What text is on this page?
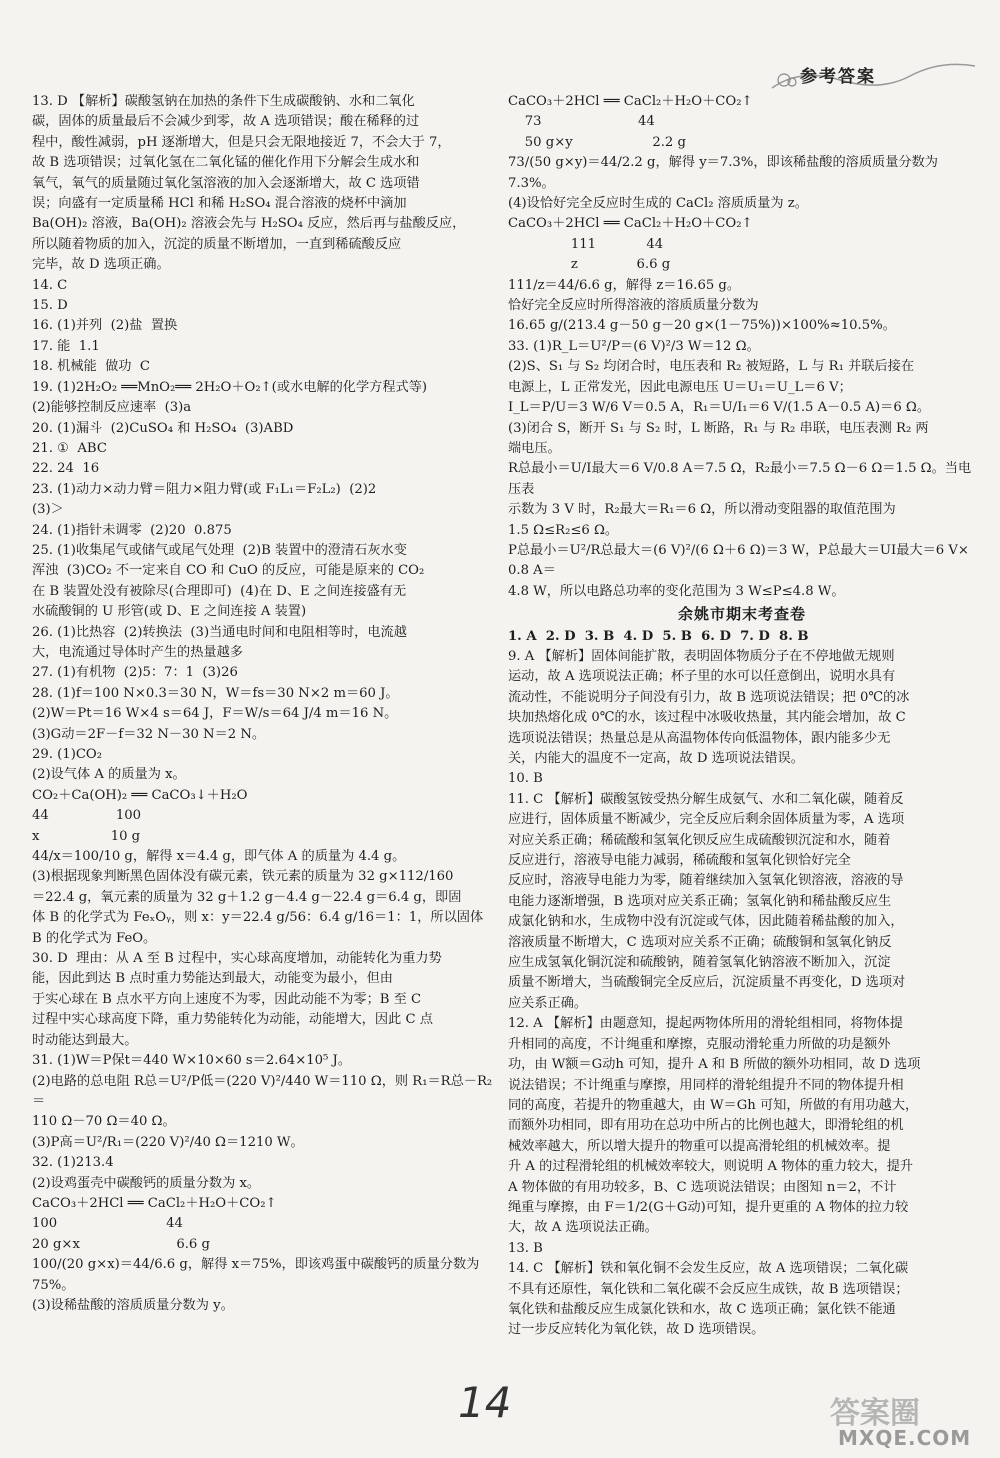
参考答案

13. D 【解析】碳酸氢钠在加热的条件下生成碳酸钠、水和二氧化

碳，固体的质量最后不会减少到零，故 A 选项错误；酸在稀释的过

程中，酸性减弱，pH 逐渐增大，但是只会无限地接近 7，不会大于 7，

故 B 选项错误；过氧化氢在二氧化锰的催化作用下分解会生成水和

氧气，氧气的质量随过氧化氢溶液的加入会逐渐增大，故 C 选项错

误；向盛有一定质量稀 HCl 和稀 H₂SO₄ 混合溶液的烧杯中滴加

Ba(OH)₂ 溶液，Ba(OH)₂ 溶液会先与 H₂SO₄ 反应，然后再与盐酸反应，

所以随着物质的加入，沉淀的质量不断增加，一直到稀硫酸反应

完毕，故 D 选项正确。

14. C

15. D

16. (1)并列  (2)盐  置换

17. 能  1.1

18. 机械能  做功  C

19. (1)2H₂O₂ ══MnO₂══ 2H₂O＋O₂↑(或水电解的化学方程式等)

(2)能够控制反应速率  (3)a

20. (1)漏斗  (2)CuSO₄ 和 H₂SO₄  (3)ABD

21. ①  ABC

22. 24  16

23. (1)动力×动力臂＝阻力×阻力臂(或 F₁L₁＝F₂L₂)  (2)2

(3)＞

24. (1)指针未调零  (2)20  0.875

25. (1)收集尾气或储气或尾气处理  (2)B 装置中的澄清石灰水变

浑浊  (3)CO₂ 不一定来自 CO 和 CuO 的反应，可能是原来的 CO₂

在 B 装置处没有被除尽(合理即可)  (4)在 D、E 之间连接盛有无

水硫酸铜的 U 形管(或 D、E 之间连接 A 装置)

26. (1)比热容  (2)转换法  (3)当通电时间和电阻相等时，电流越

大，电流通过导体时产生的热量越多

27. (1)有机物  (2)5：7：1  (3)26

28. (1)f＝100 N×0.3＝30 N，W＝fs＝30 N×2 m＝60 J。

(2)W＝Pt＝16 W×4 s＝64 J，F＝W/s＝64 J/4 m＝16 N。

(3)G动＝2F－f＝32 N－30 N＝2 N。

29. (1)CO₂

(2)设气体 A 的质量为 x。

CO₂＋Ca(OH)₂ ══ CaCO₃↓＋H₂O

44                100

x                 10 g

44/x＝100/10 g，解得 x＝4.4 g，即气体 A 的质量为 4.4 g。

(3)根据现象判断黑色固体没有碳元素，铁元素的质量为 32 g×112/160

＝22.4 g，氧元素的质量为 32 g＋1.2 g－4.4 g－22.4 g＝6.4 g，即固

体 B 的化学式为 FeₓOᵧ，则 x：y＝22.4 g/56：6.4 g/16＝1：1，所以固体

B 的化学式为 FeO。

30. D  理由：从 A 至 B 过程中，实心球高度增加，动能转化为重力势

能，因此到达 B 点时重力势能达到最大，动能变为最小，但由

于实心球在 B 点水平方向上速度不为零，因此动能不为零；B 至 C

过程中实心球高度下降，重力势能转化为动能，动能增大，因此 C 点

时动能达到最大。

31. (1)W＝P保t＝440 W×10×60 s＝2.64×10⁵ J。

(2)电路的总电阻 R总＝U²/P低＝(220 V)²/440 W＝110 Ω，则 R₁＝R总－R₂＝

110 Ω－70 Ω＝40 Ω。

(3)P高＝U²/R₁＝(220 V)²/40 Ω＝1210 W。

32. (1)213.4

(2)设鸡蛋壳中碳酸钙的质量分数为 x。

CaCO₃＋2HCl ══ CaCl₂＋H₂O＋CO₂↑

100                          44

20 g×x                       6.6 g

100/(20 g×x)＝44/6.6 g，解得 x＝75%，即该鸡蛋中碳酸钙的质量分数为

75%。

(3)设稀盐酸的溶质质量分数为 y。

CaCO₃＋2HCl ══ CaCl₂＋H₂O＋CO₂↑

73                       44

50 g×y                   2.2 g

73/(50 g×y)＝44/2.2 g，解得 y＝7.3%，即该稀盐酸的溶质质量分数为

7.3%。

(4)设恰好完全反应时生成的 CaCl₂ 溶质质量为 z。

CaCO₃＋2HCl ══ CaCl₂＋H₂O＋CO₂↑

111            44

z              6.6 g

111/z＝44/6.6 g，解得 z＝16.65 g。

恰好完全反应时所得溶液的溶质质量分数为

16.65 g/(213.4 g－50 g－20 g×(1－75%))×100%≈10.5%。

33. (1)R_L＝U²/P＝(6 V)²/3 W＝12 Ω。

(2)S、S₁ 与 S₂ 均闭合时，电压表和 R₂ 被短路，L 与 R₁ 并联后接在

电源上，L 正常发光，因此电源电压 U＝U₁＝U_L＝6 V；

I_L＝P/U＝3 W/6 V＝0.5 A，R₁＝U/I₁＝6 V/(1.5 A－0.5 A)＝6 Ω。

(3)闭合 S，断开 S₁ 与 S₂ 时，L 断路，R₁ 与 R₂ 串联，电压表测 R₂ 两

端电压。

R总最小＝U/I最大＝6 V/0.8 A＝7.5 Ω，R₂最小＝7.5 Ω－6 Ω＝1.5 Ω。当电压表

示数为 3 V 时，R₂最大＝R₁＝6 Ω，所以滑动变阻器的取值范围为

1.5 Ω≤R₂≤6 Ω。

P总最小＝U²/R总最大＝(6 V)²/(6 Ω＋6 Ω)＝3 W，P总最大＝UI最大＝6 V×0.8 A＝

4.8 W，所以电路总功率的变化范围为 3 W≤P≤4.8 W。

余姚市期末考查卷

1. A  2. D  3. B  4. D  5. B  6. D  7. D  8. B

9. A 【解析】固体间能扩散，表明固体物质分子在不停地做无规则

运动，故 A 选项说法正确；杯子里的水可以任意倒出，说明水具有

流动性，不能说明分子间没有引力，故 B 选项说法错误；把 0℃的冰

块加热熔化成 0℃的水，该过程中冰吸收热量，其内能会增加，故 C

选项说法错误；热量总是从高温物体传向低温物体，跟内能多少无

关，内能大的温度不一定高，故 D 选项说法错误。

10. B

11. C 【解析】碳酸氢铵受热分解生成氨气、水和二氧化碳，随着反

应进行，固体质量不断减少，完全反应后剩余固体质量为零，A 选项

对应关系正确；稀硫酸和氢氧化钡反应生成硫酸钡沉淀和水，随着

反应进行，溶液导电能力减弱，稀硫酸和氢氧化钡恰好完全

反应时，溶液导电能力为零，随着继续加入氢氧化钡溶液，溶液的导

电能力逐渐增强，B 选项对应关系正确；氢氧化钠和稀盐酸反应生

成氯化钠和水，生成物中没有沉淀或气体，因此随着稀盐酸的加入，

溶液质量不断增大，C 选项对应关系不正确；硫酸铜和氢氧化钠反

应生成氢氧化铜沉淀和硫酸钠，随着氢氧化钠溶液不断加入，沉淀

质量不断增大，当硫酸铜完全反应后，沉淀质量不再变化，D 选项对

应关系正确。

12. A 【解析】由题意知，提起两物体所用的滑轮组相同，将物体提

升相同的高度，不计绳重和摩擦，克服动滑轮重力所做的功是额外

功，由 W额＝G动h 可知，提升 A 和 B 所做的额外功相同，故 D 选项

说法错误；不计绳重与摩擦，用同样的滑轮组提升不同的物体提升相

同的高度，若提升的物重越大，由 W＝Gh 可知，所做的有用功越大，

而额外功相同，即有用功在总功中所占的比例也越大，即滑轮组的机

械效率越大，所以增大提升的物重可以提高滑轮组的机械效率。提

升 A 的过程滑轮组的机械效率较大，则说明 A 物体的重力较大，提升

A 物体做的有用功较多，B、C 选项说法错误；由图知 n＝2，不计

绳重与摩擦，由 F＝1/2(G＋G动)可知，提升更重的 A 物体的拉力较

大，故 A 选项说法正确。

13. B

14. C 【解析】铁和氧化铜不会发生反应，故 A 选项错误；二氧化碳

不具有还原性，氧化铁和二氧化碳不会反应生成铁，故 B 选项错误；

氧化铁和盐酸反应生成氯化铁和水，故 C 选项正确；氯化铁不能通

过一步反应转化为氧化铁，故 D 选项错误。

14	答案圈
MXQE.COM
